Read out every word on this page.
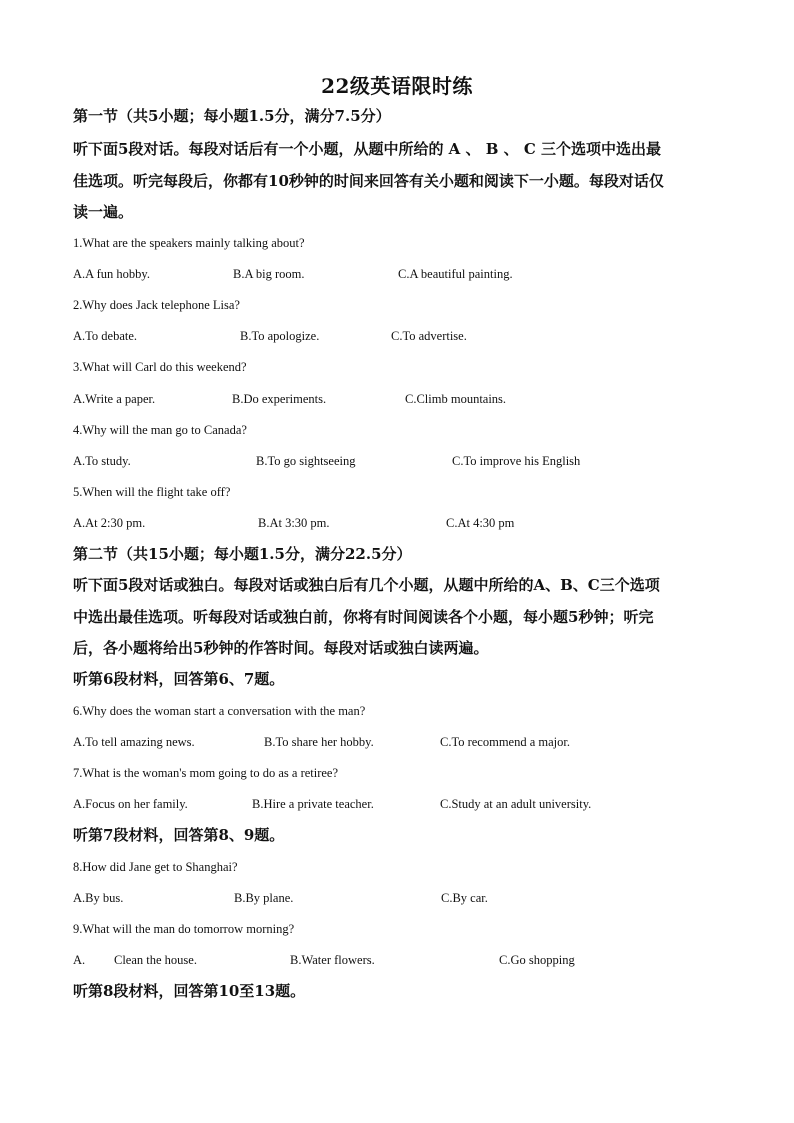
22级英语限时练
第一节（共5小题；每小题1.5分，满分7.5分）
听下面5段对话。每段对话后有一个小题，从题中所给的 A 、 B 、 C 三个选项中选出最
佳选项。听完每段后，你都有10秒钟的时间来回答有关小题和阅读下一小题。每段对话仅
读一遍。
1.What are the speakers mainly talking about?
A.A fun hobby.	B.A big room.	C.A beautiful painting.
2.Why does Jack telephone Lisa?
A.To debate.	B.To apologize.	C.To advertise.
3.What will Carl do this weekend?
A.Write a paper.	B.Do experiments.	C.Climb mountains.
4.Why will the man go to Canada?
A.To study.	B.To go sightseeing	C.To improve his English
5.When will the flight take off?
A.At 2:30 pm.	B.At 3:30 pm.	C.At 4:30 pm
第二节（共15小题；每小题1.5分，满分22.5分）
听下面5段对话或独白。每段对话或独白后有几个小题，从题中所给的A、B、C三个选项
中选出最佳选项。听每段对话或独白前，你将有时间阅读各个小题，每小题5秒钟；听完
后，各小题将给出5秒钟的作答时间。每段对话或独白读两遍。
听第6段材料，回答第6、7题。
6.Why does the woman start a conversation with the man?
A.To tell amazing news.	B.To share her hobby.	C.To recommend a major.
7.What is the woman's mom going to do as a retiree?
A.Focus on her family.	B.Hire a private teacher.	C.Study at an adult university.
听第7段材料，回答第8、9题。
8.How did Jane get to Shanghai?
A.By bus.	B.By plane.	C.By car.
9.What will the man do tomorrow morning?
A. Clean the house.	B.Water flowers.	C.Go shopping
听第8段材料，回答第10至13题。
